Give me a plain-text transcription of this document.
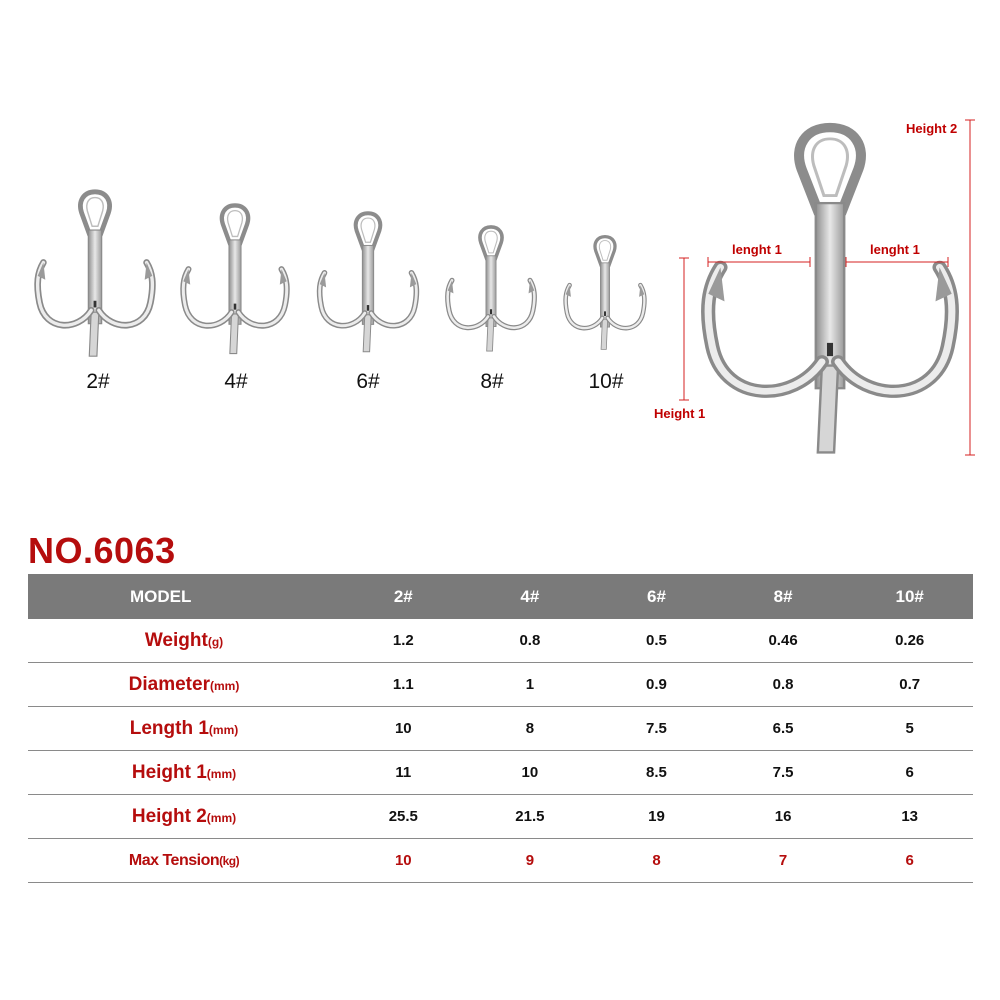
2#	4#	6#	8#	10#
lenght 1	lenght 1
Height 1
Height 2
NO.6063
MODEL	2#	4#	6#	8#	10#
Weight(g)	1.2	0.8	0.5	0.46	0.26
Diameter(mm)	1.1	1	0.9	0.8	0.7
Length 1(mm)	10	8	7.5	6.5	5
Height 1(mm)	11	10	8.5	7.5	6
Height 2(mm)	25.5	21.5	19	16	13
Max Tension(kg)	10	9	8	7	6
